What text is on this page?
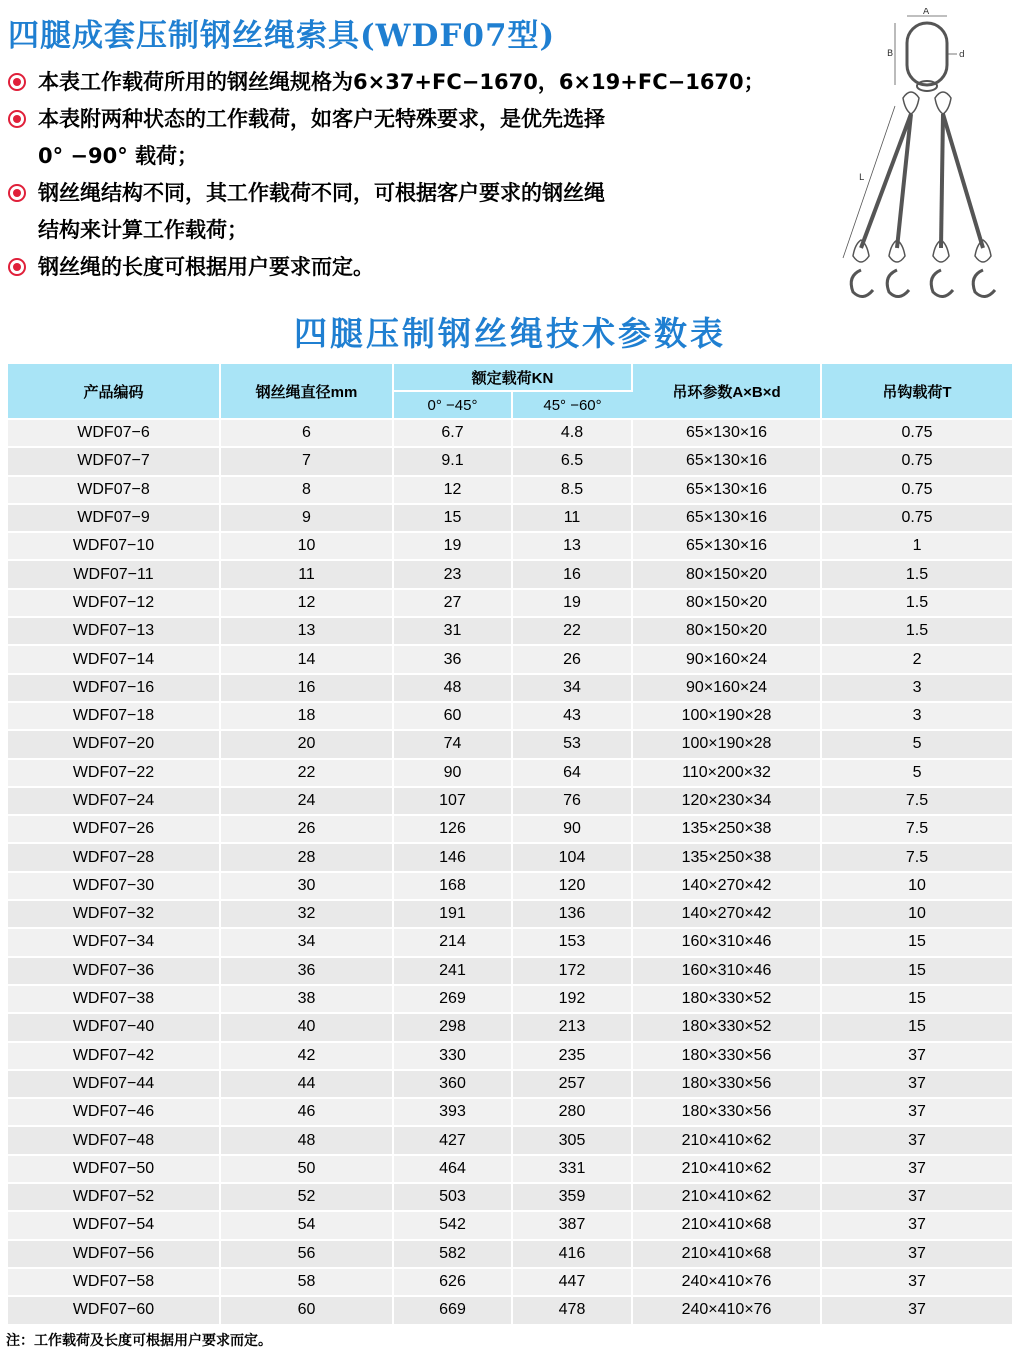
四腿成套压制钢丝绳索具(WDF07型)
本表工作载荷所用的钢丝绳规格为6×37+FC−1670，6×19+FC−1670；
本表附两种状态的工作载荷，如客户无特殊要求，是优先选择
0° −90° 载荷；
钢丝绳结构不同，其工作载荷不同，可根据客户要求的钢丝绳
结构来计算工作载荷；
钢丝绳的长度可根据用户要求而定。
A
B	d
L
四腿压制钢丝绳技术参数表
产品编码	钢丝绳直径mm	额定载荷KN		吊环参数A×B×d	吊钩载荷T
		0° −45°	45° −60°		
WDF07−6	6	6.7	4.8	65×130×16	0.75
WDF07−7	7	9.1	6.5	65×130×16	0.75
WDF07−8	8	12	8.5	65×130×16	0.75
WDF07−9	9	15	11	65×130×16	0.75
WDF07−10	10	19	13	65×130×16	1
WDF07−11	11	23	16	80×150×20	1.5
WDF07−12	12	27	19	80×150×20	1.5
WDF07−13	13	31	22	80×150×20	1.5
WDF07−14	14	36	26	90×160×24	2
WDF07−16	16	48	34	90×160×24	3
WDF07−18	18	60	43	100×190×28	3
WDF07−20	20	74	53	100×190×28	5
WDF07−22	22	90	64	110×200×32	5
WDF07−24	24	107	76	120×230×34	7.5
WDF07−26	26	126	90	135×250×38	7.5
WDF07−28	28	146	104	135×250×38	7.5
WDF07−30	30	168	120	140×270×42	10
WDF07−32	32	191	136	140×270×42	10
WDF07−34	34	214	153	160×310×46	15
WDF07−36	36	241	172	160×310×46	15
WDF07−38	38	269	192	180×330×52	15
WDF07−40	40	298	213	180×330×52	15
WDF07−42	42	330	235	180×330×56	37
WDF07−44	44	360	257	180×330×56	37
WDF07−46	46	393	280	180×330×56	37
WDF07−48	48	427	305	210×410×62	37
WDF07−50	50	464	331	210×410×62	37
WDF07−52	52	503	359	210×410×62	37
WDF07−54	54	542	387	210×410×68	37
WDF07−56	56	582	416	210×410×68	37
WDF07−58	58	626	447	240×410×76	37
WDF07−60	60	669	478	240×410×76	37
注：工作载荷及长度可根据用户要求而定。
